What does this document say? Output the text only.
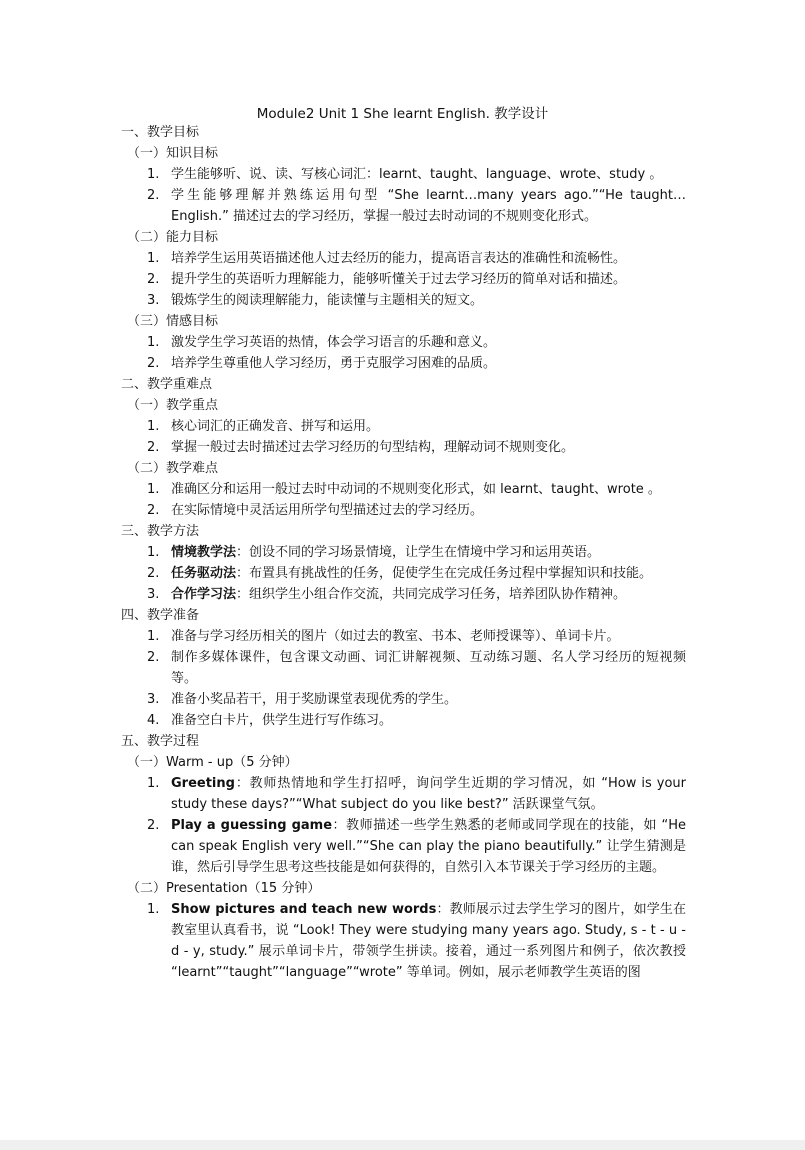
Module2 Unit 1 She learnt English. 教学设计
一、教学目标
（一）知识目标
1. 学生能够听、说、读、写核心词汇：learnt、taught、language、wrote、study 。
2. 学生能够理解并熟练运用句型 “She learnt…many years ago.”“He taught…English.” 描述过去的学习经历，掌握一般过去时动词的不规则变化形式。
（二）能力目标
1. 培养学生运用英语描述他人过去经历的能力，提高语言表达的准确性和流畅性。
2. 提升学生的英语听力理解能力，能够听懂关于过去学习经历的简单对话和描述。
3. 锻炼学生的阅读理解能力，能读懂与主题相关的短文。
（三）情感目标
1. 激发学生学习英语的热情，体会学习语言的乐趣和意义。
2. 培养学生尊重他人学习经历，勇于克服学习困难的品质。
二、教学重难点
（一）教学重点
1. 核心词汇的正确发音、拼写和运用。
2. 掌握一般过去时描述过去学习经历的句型结构，理解动词不规则变化。
（二）教学难点
1. 准确区分和运用一般过去时中动词的不规则变化形式，如 learnt、taught、wrote 。
2. 在实际情境中灵活运用所学句型描述过去的学习经历。
三、教学方法
1. 情境教学法：创设不同的学习场景情境，让学生在情境中学习和运用英语。
2. 任务驱动法：布置具有挑战性的任务，促使学生在完成任务过程中掌握知识和技能。
3. 合作学习法：组织学生小组合作交流，共同完成学习任务，培养团队协作精神。
四、教学准备
1. 准备与学习经历相关的图片（如过去的教室、书本、老师授课等）、单词卡片。
2. 制作多媒体课件，包含课文动画、词汇讲解视频、互动练习题、名人学习经历的短视频等。
3. 准备小奖品若干，用于奖励课堂表现优秀的学生。
4. 准备空白卡片，供学生进行写作练习。
五、教学过程
（一）Warm - up（5 分钟）
1. Greeting：教师热情地和学生打招呼，询问学生近期的学习情况，如 “How is your study these days?”“What subject do you like best?” 活跃课堂气氛。
2. Play a guessing game：教师描述一些学生熟悉的老师或同学现在的技能，如 “He can speak English very well.”“She can play the piano beautifully.” 让学生猜测是谁，然后引导学生思考这些技能是如何获得的，自然引入本节课关于学习经历的主题。
（二）Presentation（15 分钟）
1. Show pictures and teach new words：教师展示过去学生学习的图片，如学生在教室里认真看书，说 “Look! They were studying many years ago. Study, s - t - u - d - y, study.” 展示单词卡片，带领学生拼读。接着，通过一系列图片和例子，依次教授 “learnt”“taught”“language”“wrote” 等单词。例如，展示老师教学生英语的图
